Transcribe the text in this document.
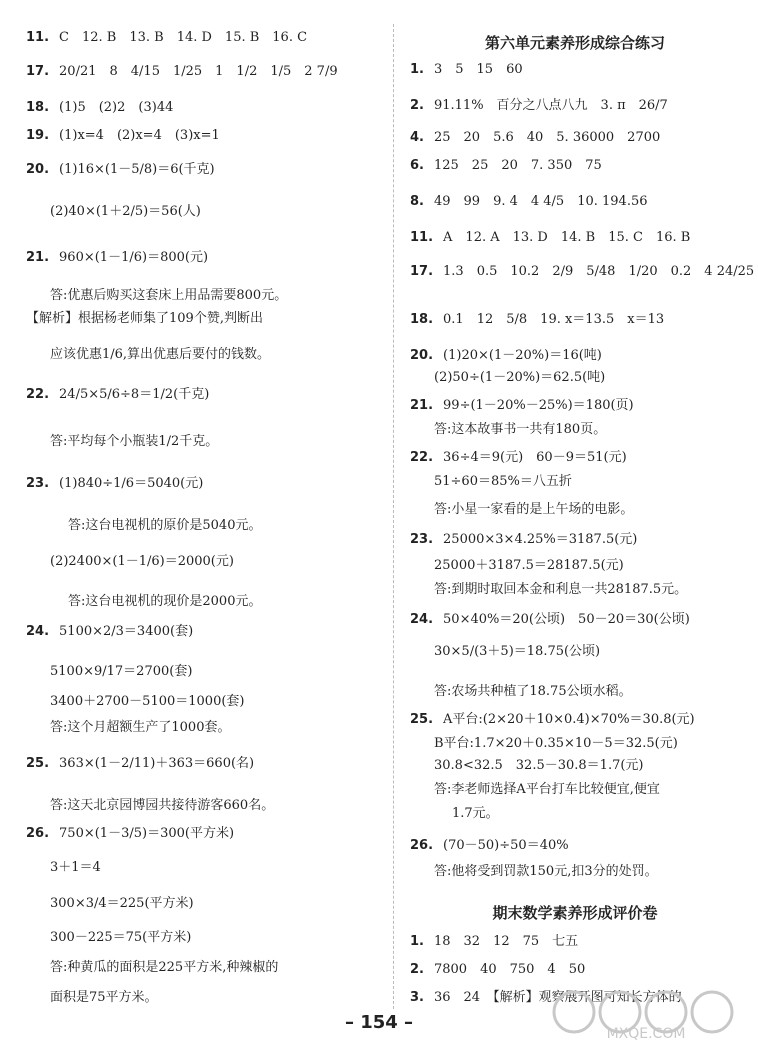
11. C　12. B　13. B　14. D　15. B　16. C
17. 20/21　8　4/15　1/25　1　1/2　1/5　2 7/9
18. (1)5　(2)2　(3)44
19. (1)x=4　(2)x=4　(3)x=1
20. (1)16×(1－5/8)＝6(千克)
(2)40×(1＋2/5)＝56(人)
21. 960×(1－1/6)＝800(元)
答:优惠后购买这套床上用品需要800元。
【解析】根据杨老师集了109个赞,判断出
应该优惠1/6,算出优惠后要付的钱数。
22. 24/5×5/6÷8＝1/2(千克)
答:平均每个小瓶装1/2千克。
23. (1)840÷1/6＝5040(元)
答:这台电视机的原价是5040元。
(2)2400×(1－1/6)＝2000(元)
答:这台电视机的现价是2000元。
24. 5100×2/3＝3400(套)
5100×9/17＝2700(套)
3400＋2700－5100＝1000(套)
答:这个月超额生产了1000套。
25. 363×(1－2/11)＋363＝660(名)
答:这天北京园博园共接待游客660名。
26. 750×(1－3/5)＝300(平方米)
3＋1＝4
300×3/4＝225(平方米)
300－225＝75(平方米)
答:种黄瓜的面积是225平方米,种辣椒的
面积是75平方米。
第六单元素养形成综合练习
期末数学素养形成评价卷
1. 3　5　15　60
2. 91.11%　百分之八点八九　3. π　26/7
4. 25　20　5.6　40　5. 36000　2700
6. 125　25　20　7. 350　75
8. 49　99　9. 4　4 4/5　10. 194.56
11. A　12. A　13. D　14. B　15. C　16. B
17. 1.3　0.5　10.2　2/9　5/48　1/20　0.2　4 24/25
18. 0.1　12　5/8　19. x＝13.5　x＝13
20. (1)20×(1－20%)＝16(吨)
(2)50÷(1－20%)＝62.5(吨)
21. 99÷(1－20%－25%)＝180(页)
答:这本故事书一共有180页。
22. 36÷4＝9(元)　60－9＝51(元)
51÷60＝85%＝八五折
答:小星一家看的是上午场的电影。
23. 25000×3×4.25%＝3187.5(元)
25000＋3187.5＝28187.5(元)
答:到期时取回本金和利息一共28187.5元。
24. 50×40%＝20(公顷)　50－20＝30(公顷)
30×5/(3＋5)＝18.75(公顷)
答:农场共种植了18.75公顷水稻。
25. A平台:(2×20＋10×0.4)×70%＝30.8(元)
B平台:1.7×20＋0.35×10－5＝32.5(元)
30.8<32.5　32.5－30.8＝1.7(元)
答:李老师选择A平台打车比较便宜,便宜
1.7元。
26. (70－50)÷50＝40%
答:他将受到罚款150元,扣3分的处罚。
1. 18　32　12　75　七五
2. 7800　40　750　4　50
3. 36　24　【解析】观察展开图可知长方体的
– 154 –
MXQE.COM
